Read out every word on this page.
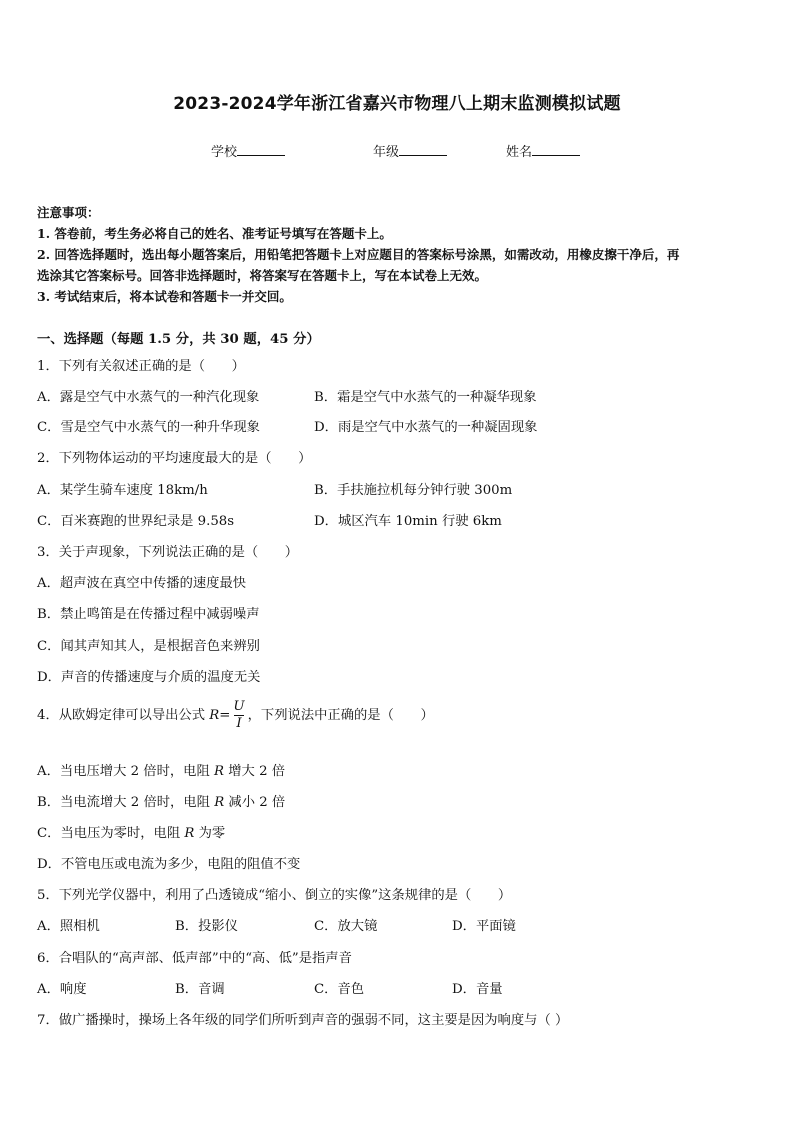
2023-2024学年浙江省嘉兴市物理八上期末监测模拟试题
学校	年级	姓名
注意事项：
1. 答卷前，考生务必将自己的姓名、准考证号填写在答题卡上。
2. 回答选择题时，选出每小题答案后，用铅笔把答题卡上对应题目的答案标号涂黑，如需改动，用橡皮擦干净后，再
选涂其它答案标号。回答非选择题时，将答案写在答题卡上，写在本试卷上无效。
3. 考试结束后，将本试卷和答题卡一并交回。
一、选择题（每题 1.5 分，共 30 题，45 分）
1．下列有关叙述正确的是（　　）
A．露是空气中水蒸气的一种汽化现象	B．霜是空气中水蒸气的一种凝华现象
C．雪是空气中水蒸气的一种升华现象	D．雨是空气中水蒸气的一种凝固现象
2．下列物体运动的平均速度最大的是（　　）
A．某学生骑车速度 18km/h	B．手扶施拉机每分钟行驶 300m
C．百米赛跑的世界纪录是 9.58s	D．城区汽车 10min 行驶 6km
3．关于声现象，下列说法正确的是（　　）
A．超声波在真空中传播的速度最快
B．禁止鸣笛是在传播过程中减弱噪声
C．闻其声知其人，是根据音色来辨别
D．声音的传播速度与介质的温度无关
4．从欧姆定律可以导出公式 $R= \frac{U}{I}$ ，下列说法中正确的是（　　）
A．当电压增大 2 倍时，电阻 R 增大 2 倍
B．当电流增大 2 倍时，电阻 R 减小 2 倍
C．当电压为零时，电阻 R 为零
D．不管电压或电流为多少，电阻的阻值不变
5．下列光学仪器中，利用了凸透镜成“缩小、倒立的实像”这条规律的是（　　）
A．照相机	B．投影仪	C．放大镜	D．平面镜
6．合唱队的“高声部、低声部”中的“高、低”是指声音
A．响度	B．音调	C．音色	D．音量
7．做广播操时，操场上各年级的同学们所听到声音的强弱不同，这主要是因为响度与（ ）
